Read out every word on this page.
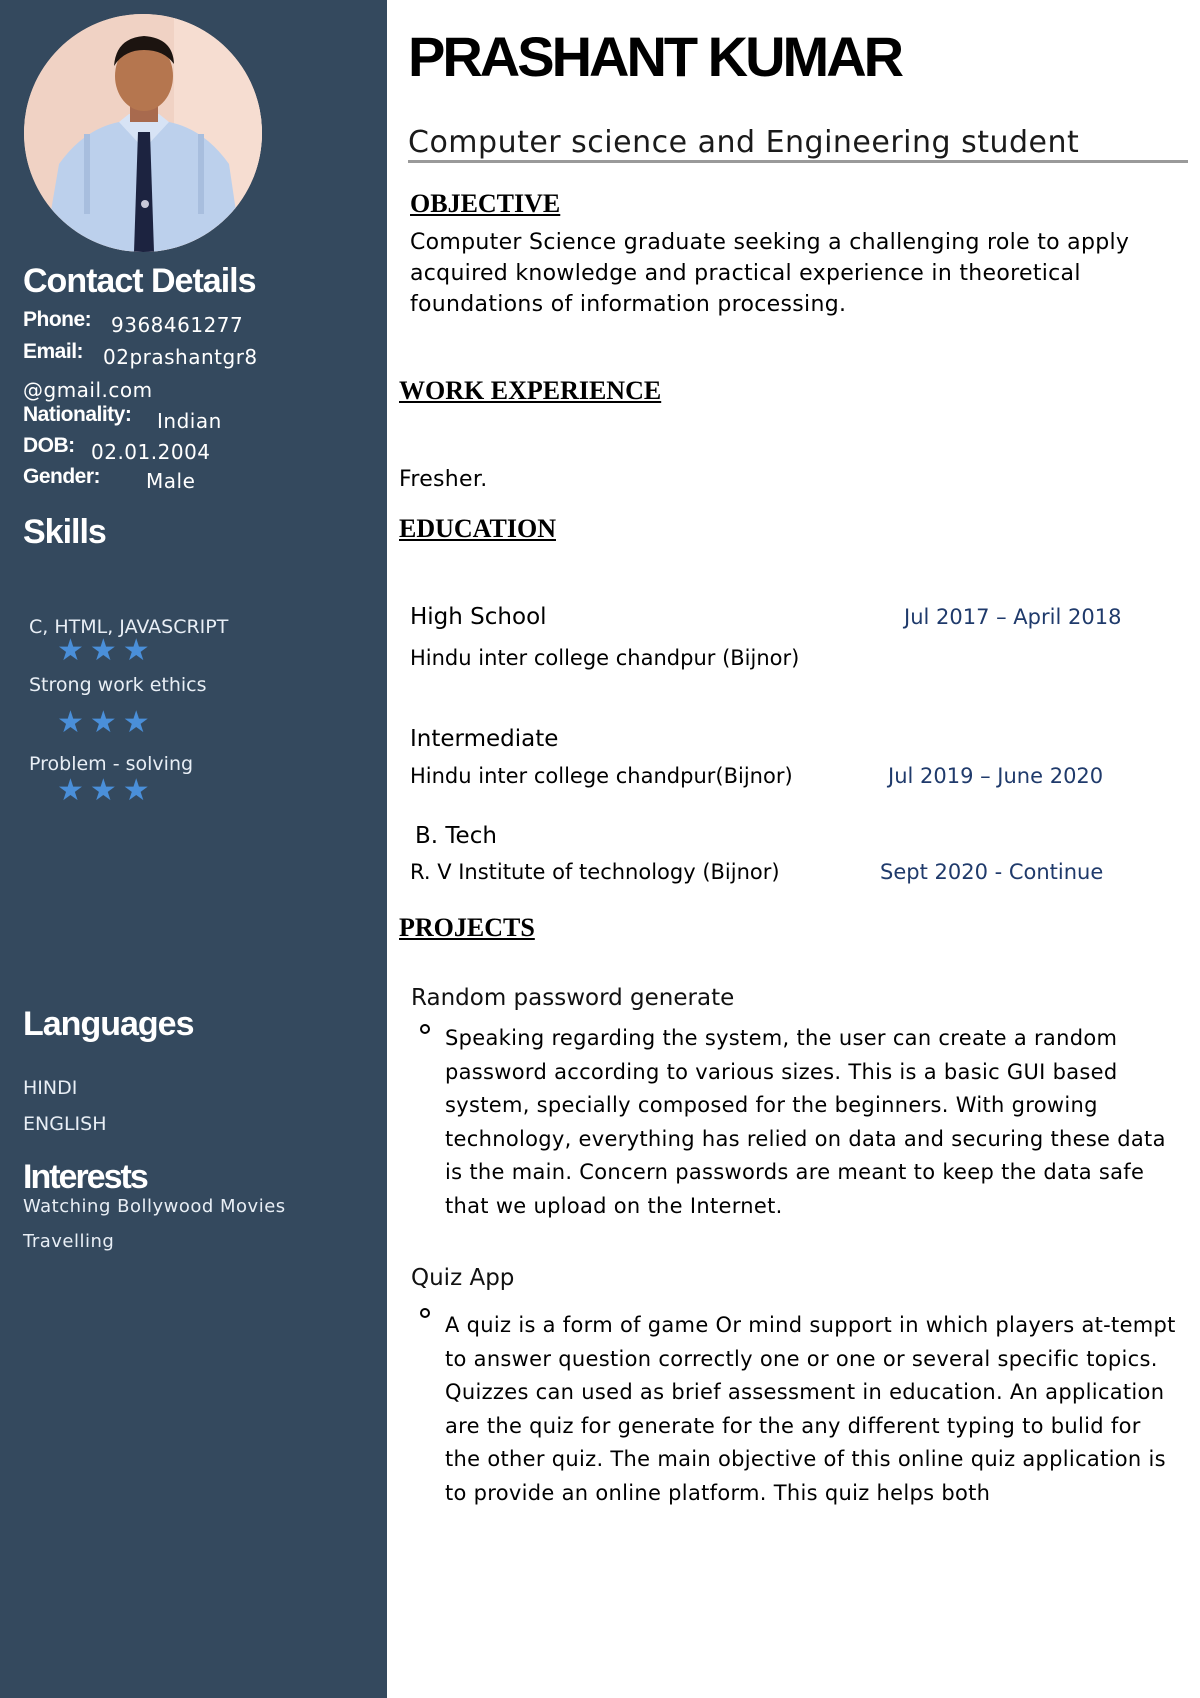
Contact Details
Phone: 9368461277
Email: 02prashantgr8
@gmail.com
Nationality: Indian
DOB: 02.01.2004
Gender: Male
Skills
C, HTML, JAVASCRIPT
★★★
Strong work ethics
★★★
Problem - solving
★★★
Languages
HINDI
ENGLISH
Interests
Watching Bollywood Movies
Travelling
PRASHANT KUMAR
Computer science and Engineering student
OBJECTIVE
Computer Science graduate seeking a challenging role to apply acquired knowledge and practical experience in theoretical foundations of information processing.
WORK EXPERIENCE
Fresher.
EDUCATION
High School	Jul 2017 – April 2018
Hindu inter college chandpur (Bijnor)
Intermediate
Hindu inter college chandpur(Bijnor)	Jul 2019 – June 2020
B. Tech
R. V Institute of technology (Bijnor)	Sept 2020 - Continue
PROJECTS
Random password generate
Speaking regarding the system, the user can create a random password according to various sizes. This is a basic GUI based system, specially composed for the beginners. With growing technology, everything has relied on data and securing these data is the main. Concern passwords are meant to keep the data safe that we upload on the Internet.
Quiz App
A quiz is a form of game Or mind support in which players at-tempt to answer question correctly one or one or several specific topics. Quizzes can used as brief assessment in education. An application are the quiz for generate for the any different typing to bulid for the other quiz. The main objective of this online quiz application is to provide an online platform. This quiz helps both
